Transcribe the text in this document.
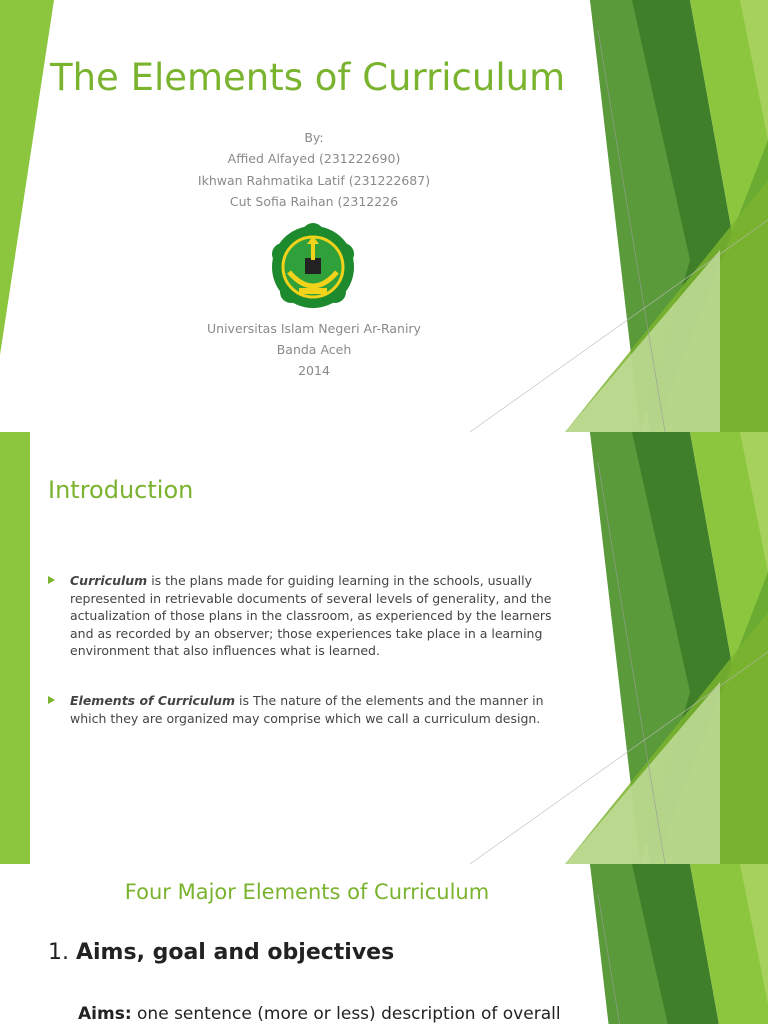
The Elements of Curriculum
By:
Affied Alfayed (231222690)
Ikhwan Rahmatika Latif (231222687)
Cut Sofia Raihan (2312226
Universitas Islam Negeri Ar-Raniry
Banda Aceh
2014
Introduction
Curriculum is the plans made for guiding learning in the schools, usually represented in retrievable documents of several levels of generality, and the actualization of those plans in the classroom, as experienced by the learners and as recorded by an observer; those experiences take place in a learning environment that also influences what is learned.
Elements of Curriculum is The nature of the elements and the manner in which they are organized may comprise which we call a curriculum design.
Four Major Elements of Curriculum
1. Aims, goal and objectives
Aims: one sentence (more or less) description of overall
